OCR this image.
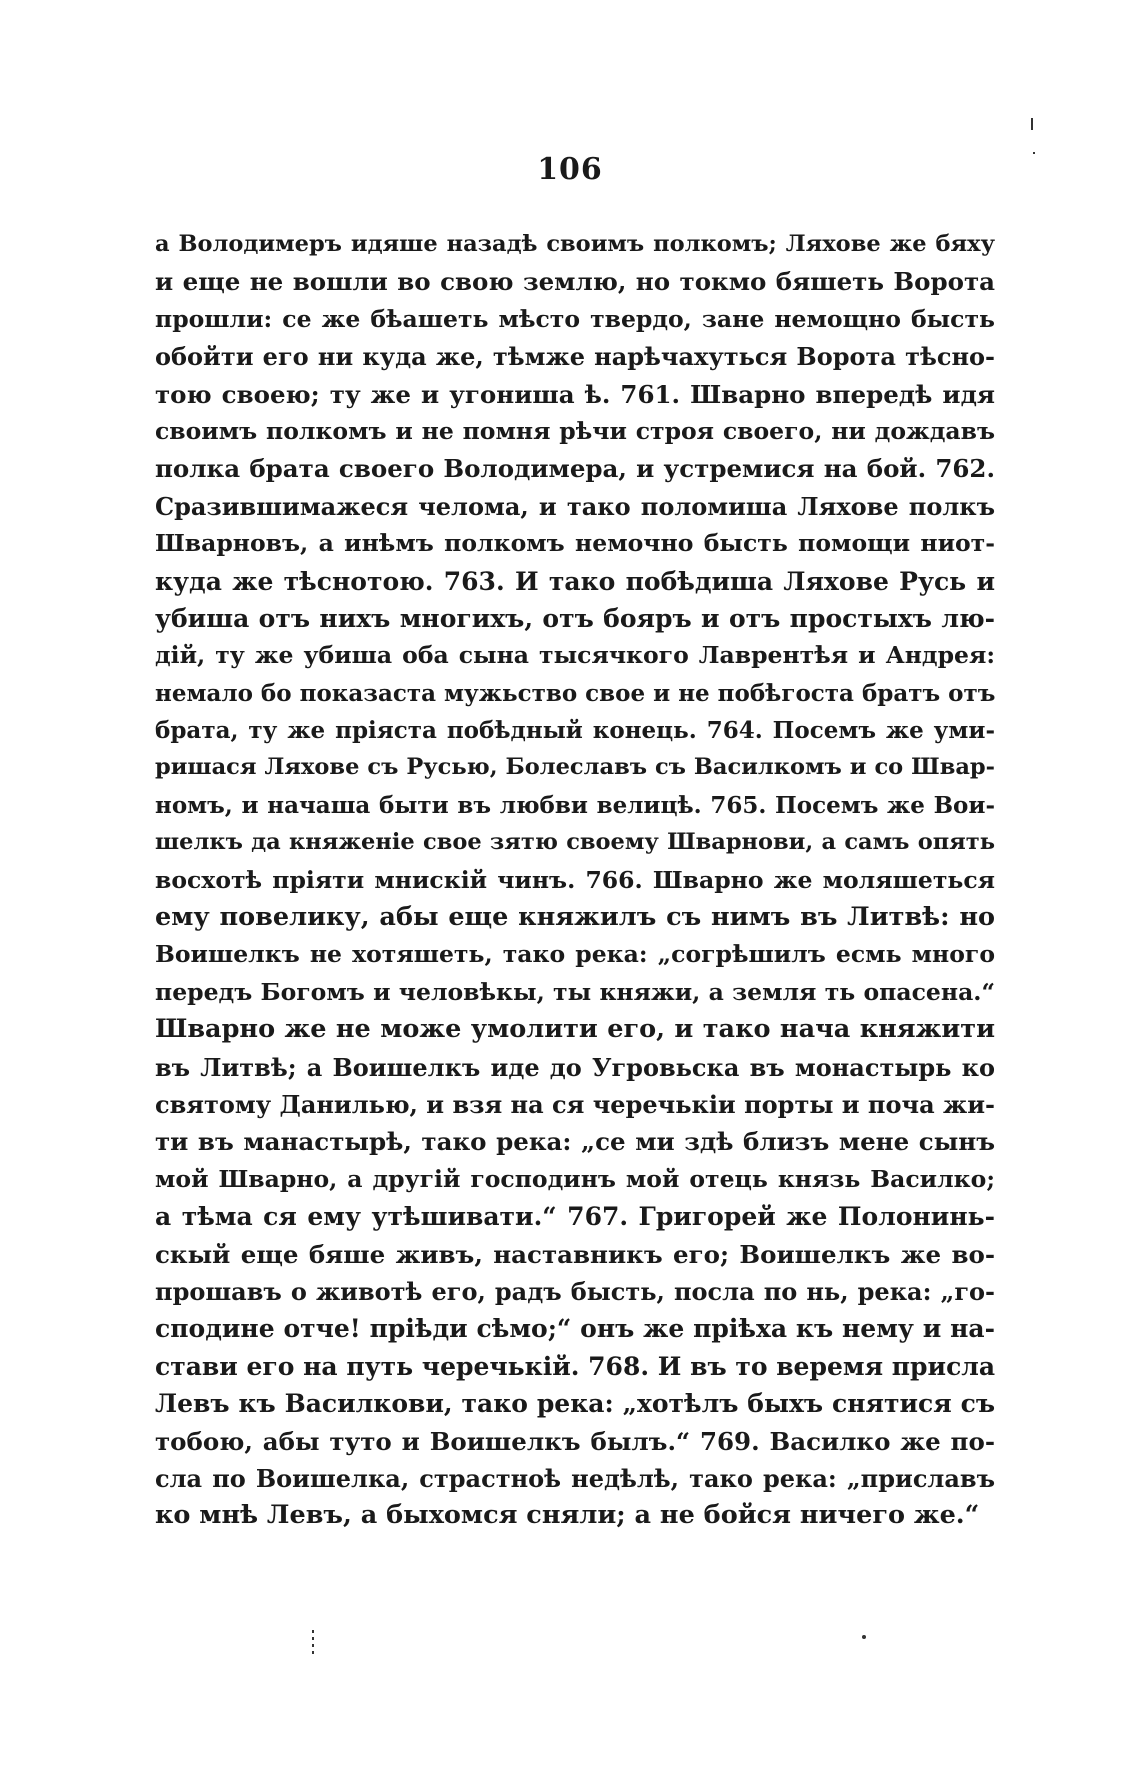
106
а Володимеръ идяше назадѣ своимъ полкомъ; Ляхове же бяху
и еще не вошли во свою землю, но токмо бяшеть Ворота
прошли: се же бѣашеть мѣсто твердо, зане немощно бысть
обойти его ни куда же, тѣмже нарѣчахуться Ворота тѣсно-
тою своею; ту же и угониша ѣ. 761. Шварно впередѣ идя
своимъ полкомъ и не помня рѣчи строя своего, ни дождавъ
полка брата своего Володимера, и устремися на бой. 762.
Сразившимажеся челома, и тако поломиша Ляхове полкъ
Шварновъ, а инѣмъ полкомъ немочно бысть помощи ниот-
куда же тѣснотою. 763. И тако побѣдиша Ляхове Русь и
убиша отъ нихъ многихъ, отъ бояръ и отъ простыхъ лю-
дій, ту же убиша оба сына тысячкого Лаврентѣя и Андрея:
немало бо показаста мужьство свое и не побѣгоста братъ отъ
брата, ту же пріяста побѣдный конець. 764. Посемъ же уми-
ришася Ляхове съ Русью, Болеславъ съ Василкомъ и со Швар-
номъ, и начаша быти въ любви велицѣ. 765. Посемъ же Вои-
шелкъ да княженіе свое зятю своему Шварнови, а самъ опять
восхотѣ пріяти мнискій чинъ. 766. Шварно же моляшеться
ему повелику, абы еще княжилъ съ нимъ въ Литвѣ: но
Воишелкъ не хотяшеть, тако река: „согрѣшилъ есмь много
передъ Богомъ и человѣкы, ты княжи, а земля ть опасена.“
Шварно же не може умолити его, и тако нача княжити
въ Литвѣ; а Воишелкъ иде до Угровьска въ монастырь ко
святому Данилью, и взя на ся черечькіи порты и поча жи-
ти въ манастырѣ, тако река: „се ми здѣ близъ мене сынъ
мой Шварно, а другій господинъ мой отець князь Василко;
а тѣма ся ему утѣшивати.“ 767. Григорей же Полонинь-
скый еще бяше живъ, наставникъ его; Воишелкъ же во-
прошавъ о животѣ его, радъ бысть, посла по нь, река: „го-
сподине отче! пріѣди сѣмо;“ онъ же пріѣха къ нему и на-
стави его на путь черечькій. 768. И въ то веремя присла
Левъ къ Василкови, тако река: „хотѣлъ быхъ снятися съ
тобою, абы туто и Воишелкъ былъ.“ 769. Василко же по-
сла по Воишелка, страстноѣ недѣлѣ, тако река: „приславъ
ко мнѣ Левъ, а быхомся сняли; а не бойся ничего же.“
